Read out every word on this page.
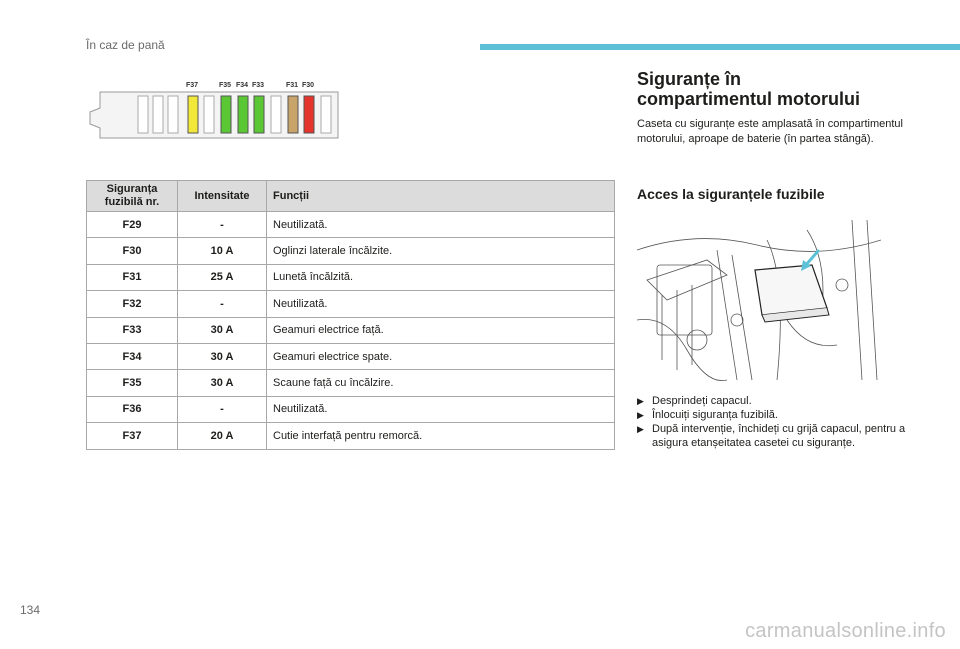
În caz de pană
F37	F35 F34 F33	F31 F30
Siguranța fuzibilă nr.	Intensitate	Funcții
F29	-	Neutilizată.
F30	10 A	Oglinzi laterale încălzite.
F31	25 A	Lunetă încălzită.
F32	-	Neutilizată.
F33	30 A	Geamuri electrice față.
F34	30 A	Geamuri electrice spate.
F35	30 A	Scaune față cu încălzire.
F36	-	Neutilizată.
F37	20 A	Cutie interfață pentru remorcă.
Siguranțe în
compartimentul motorului
Caseta cu siguranțe este amplasată în compartimentul motorului, aproape de baterie (în partea stângă).
Acces la siguranțele fuzibile
▶ Desprindeți capacul.
▶ Înlocuiți siguranța fuzibilă.
▶ După intervenție, închideți cu grijă capacul, pentru a asigura etanșeitatea casetei cu siguranțe.
134
carmanualsonline.info
